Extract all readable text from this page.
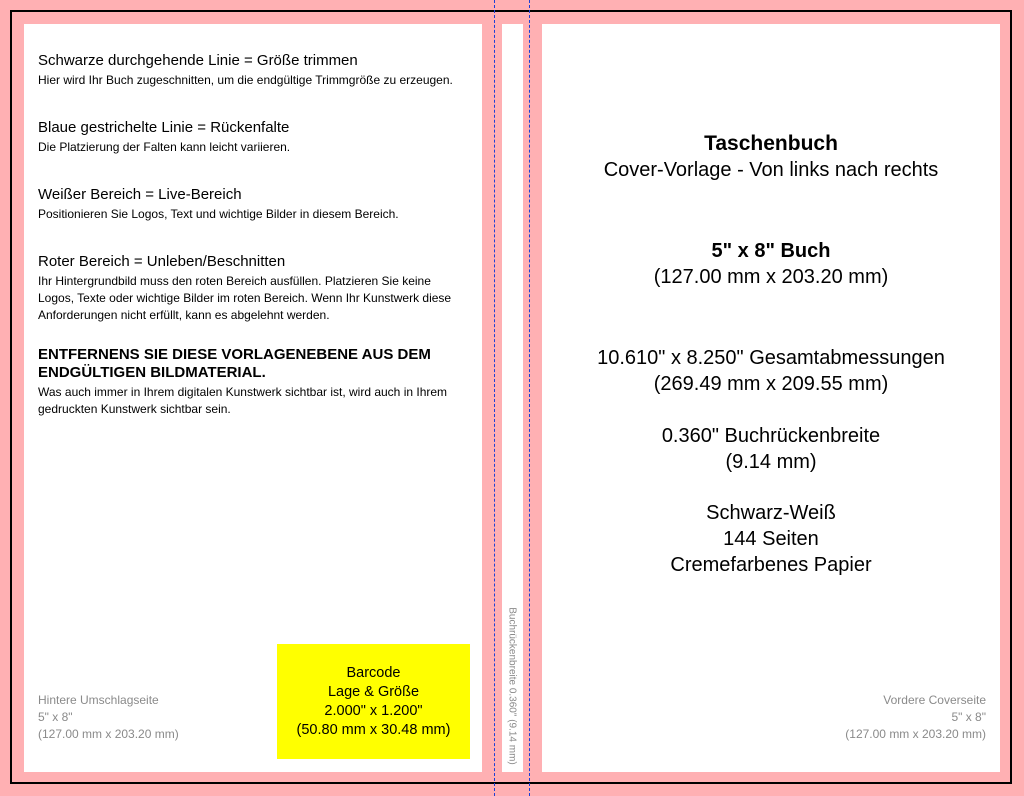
Schwarze durchgehende Linie = Größe trimmen

Hier wird Ihr Buch zugeschnitten, um die endgültige Trimmgröße zu erzeugen.

Blaue gestrichelte Linie = Rückenfalte

Die Platzierung der Falten kann leicht variieren.

Weißer Bereich = Live-Bereich

Positionieren Sie Logos, Text und wichtige Bilder in diesem Bereich.

Roter Bereich = Unleben/Beschnitten

Ihr Hintergrundbild muss den roten Bereich ausfüllen. Platzieren Sie keine Logos, Texte oder wichtige Bilder im roten Bereich. Wenn Ihr Kunstwerk diese Anforderungen nicht erfüllt, kann es abgelehnt werden.

ENTFERNENS SIE DIESE VORLAGENEBENE AUS DEM ENDGÜLTIGEN BILDMATERIAL.

Was auch immer in Ihrem digitalen Kunstwerk sichtbar ist, wird auch in Ihrem gedruckten Kunstwerk sichtbar sein.

Hintere Umschlagseite
5" x 8"
(127.00 mm x 203.20 mm)
Barcode
Lage & Größe
2.000" x 1.200"
(50.80 mm x 30.48 mm)	Buchrückenbreite 0.360" (9.14 mm)
Taschenbuch
Cover-Vorlage - Von links nach rechts
5" x 8" Buch
(127.00 mm x 203.20 mm)
10.610" x 8.250" Gesamtabmessungen
(269.49 mm x 209.55 mm)
0.360" Buchrückenbreite
(9.14 mm)
Schwarz-Weiß
144 Seiten
Cremefarbenes Papier
Vordere Coverseite
5" x 8"
(127.00 mm x 203.20 mm)
